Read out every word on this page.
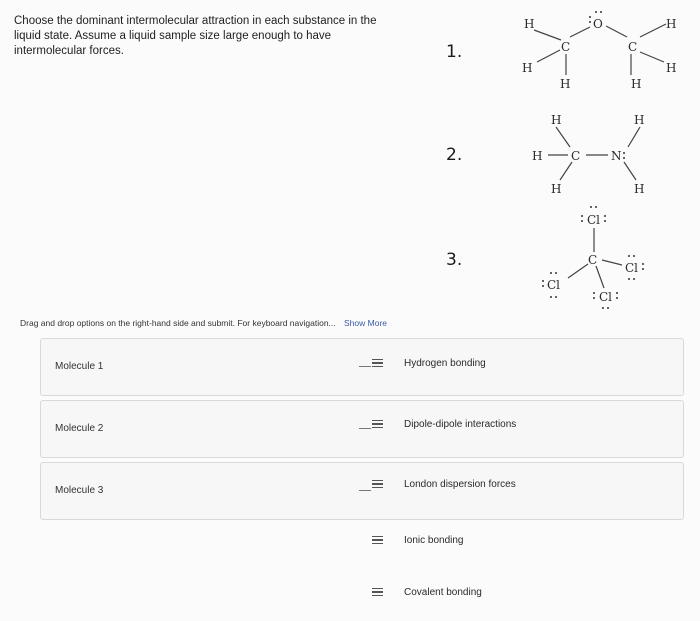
Choose the dominant intermolecular attraction in each substance in the
liquid state. Assume a liquid sample size large enough to have
intermolecular forces.	1.
2.
3.
H
C
O
C
H
H
H	H
H
H	H
H C	N
H	H
Cl
C
Cl
Cl
Cl
Drag and drop options on the right-hand side and submit. For keyboard navigation... Show More
Molecule 1
Molecule 2
Molecule 3
Hydrogen bonding
Dipole-dipole interactions
London dispersion forces
Ionic bonding
Covalent bonding
